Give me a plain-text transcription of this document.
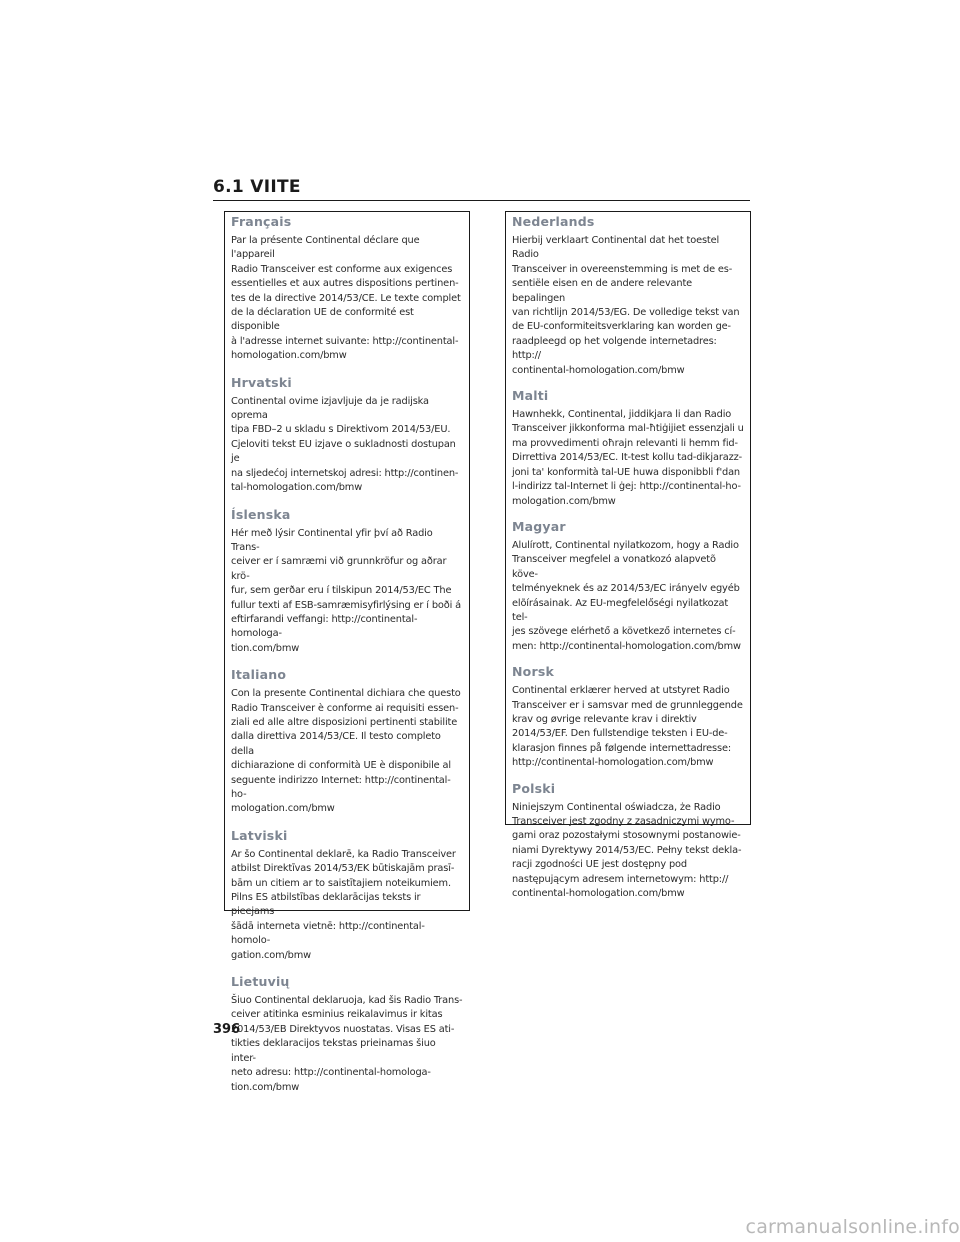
6.1 VIITE
Français

Par la présente Continental déclare que l'appareil
Radio Transceiver est conforme aux exigences
essentielles et aux autres dispositions pertinen-
tes de la directive 2014/53/CE. Le texte complet
de la déclaration UE de conformité est disponible
à l'adresse internet suivante: http://continental-
homologation.com/bmw

Hrvatski

Continental ovime izjavljuje da je radijska oprema
tipa FBD–2 u skladu s Direktivom 2014/53/EU.
Cjeloviti tekst EU izjave o sukladnosti dostupan je
na sljedećoj internetskoj adresi: http://continen-
tal-homologation.com/bmw

Íslenska

Hér með lýsir Continental yfir því að Radio Trans-
ceiver er í samræmi við grunnkröfur og aðrar krö-
fur, sem gerðar eru í tilskipun 2014/53/EC The
fullur texti af ESB-samræmisyfirlýsing er í boði á
eftirfarandi veffangi: http://continental-homologa-
tion.com/bmw

Italiano

Con la presente Continental dichiara che questo
Radio Transceiver è conforme ai requisiti essen-
ziali ed alle altre disposizioni pertinenti stabilite
dalla direttiva 2014/53/CE. Il testo completo della
dichiarazione di conformità UE è disponibile al
seguente indirizzo Internet: http://continental-ho-
mologation.com/bmw

Latviski

Ar šo Continental deklarē, ka Radio Transceiver
atbilst Direktīvas 2014/53/EK būtiskajām prasī-
bām un citiem ar to saistītajiem noteikumiem.
Pilns ES atbilstības deklarācijas teksts ir pieejams
šādā interneta vietnē: http://continental-homolo-
gation.com/bmw

Lietuvių

Šiuo Continental deklaruoja, kad šis Radio Trans-
ceiver atitinka esminius reikalavimus ir kitas
2014/53/EB Direktyvos nuostatas. Visas ES ati-
tikties deklaracijos tekstas prieinamas šiuo inter-
neto adresu: http://continental-homologa-
tion.com/bmw

Nederlands

Hierbij verklaart Continental dat het toestel Radio
Transceiver in overeenstemming is met de es-
sentiële eisen en de andere relevante bepalingen
van richtlijn 2014/53/EG. De volledige tekst van
de EU-conformiteitsverklaring kan worden ge-
raadpleegd op het volgende internetadres: http://
continental-homologation.com/bmw

Malti

Hawnhekk, Continental, jiddikjara li dan Radio
Transceiver jikkonforma mal-ħtiġijiet essenzjali u
ma provvedimenti oħrajn relevanti li hemm fid-
Dirrettiva 2014/53/EC. It-test kollu tad-dikjarazz-
joni ta' konformità tal-UE huwa disponibbli f'dan
l-indirizz tal-Internet li ġej: http://continental-ho-
mologation.com/bmw

Magyar

Alulírott, Continental nyilatkozom, hogy a Radio
Transceiver megfelel a vonatkozó alapvetõ köve-
telményeknek és az 2014/53/EC irányelv egyéb
elõírásainak. Az EU-megfelelőségi nyilatkozat tel-
jes szövege elérhető a következő internetes cí-
men: http://continental-homologation.com/bmw

Norsk

Continental erklærer herved at utstyret Radio
Transceiver er i samsvar med de grunnleggende
krav og øvrige relevante krav i direktiv
2014/53/EF. Den fullstendige teksten i EU-de-
klarasjon finnes på følgende internettadresse:
http://continental-homologation.com/bmw

Polski

Niniejszym Continental oświadcza, że Radio
Transceiver jest zgodny z zasadniczymi wymo-
gami oraz pozostałymi stosownymi postanowie-
niami Dyrektywy 2014/53/EC. Pełny tekst dekla-
racji zgodności UE jest dostępny pod
następującym adresem internetowym: http://
continental-homologation.com/bmw

396
carmanualsonline.info
